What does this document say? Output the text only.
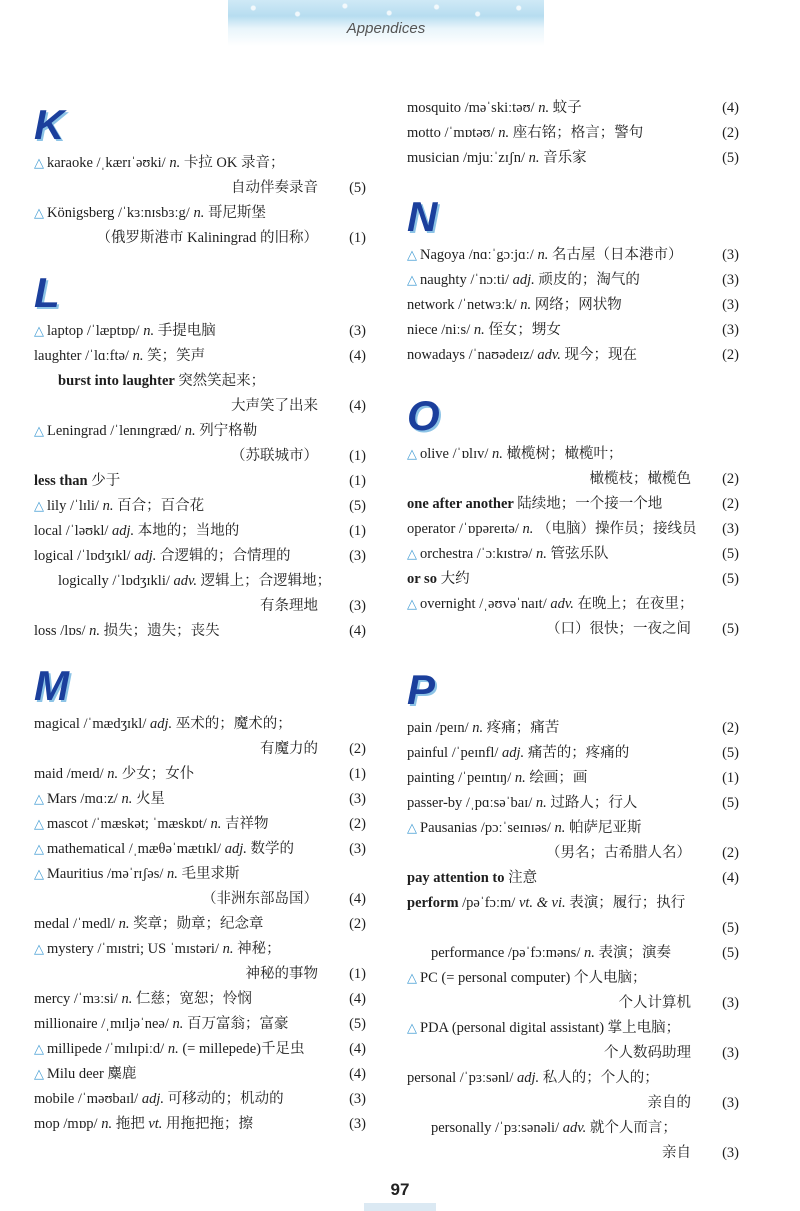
Appendices
K
△ karaoke /ˌkærɪˈəʊki/ n. 卡拉 OK 录音；
自动伴奏录音 (5)
△ Königsberg /ˈkɜːnɪsbɜːg/ n. 哥尼斯堡
（俄罗斯港市 Kaliningrad 的旧称） (1)
L
△ laptop /ˈlæptɒp/ n. 手提电脑	(3)
laughter /ˈlɑːftə/ n. 笑；笑声	(4)
burst into laughter 突然笑起来；
大声笑了出来 (4)
△ Leningrad /ˈlenɪngræd/ n. 列宁格勒
（苏联城市） (1)
less than 少于	(1)
△ lily /ˈlɪli/ n. 百合；百合花	(5)
local /ˈləʊkl/ adj. 本地的；当地的	(1)
logical /ˈlɒdʒɪkl/ adj. 合逻辑的；合情理的	(3)
logically /ˈlɒdʒɪkli/ adv. 逻辑上；合逻辑地；
有条理地 (3)
loss /lɒs/ n. 损失；遗失；丧失	(4)
M
magical /ˈmædʒɪkl/ adj. 巫术的；魔术的；
有魔力的 (2)
maid /meɪd/ n. 少女；女仆	(1)
△ Mars /mɑːz/ n. 火星	(3)
△ mascot /ˈmæskət; ˈmæskɒt/ n. 吉祥物	(2)
△ mathematical /ˌmæθəˈmætɪkl/ adj. 数学的	(3)
△ Mauritius /məˈrɪʃəs/ n. 毛里求斯
（非洲东部岛国） (4)
medal /ˈmedl/ n. 奖章；勋章；纪念章	(2)
△ mystery /ˈmɪstri; US ˈmɪstəri/ n. 神秘；
神秘的事物 (1)
mercy /ˈmɜːsi/ n. 仁慈；宽恕；怜悯	(4)
millionaire /ˌmɪljəˈneə/ n. 百万富翁；富豪	(5)
△ millipede /ˈmɪlɪpiːd/ n. (= millepede)千足虫	(4)
△ Milu deer 麋鹿	(4)
mobile /ˈməʊbaɪl/ adj. 可移动的；机动的	(3)
mop /mɒp/ n. 拖把 vt. 用拖把拖；擦	(3)
mosquito /məˈskiːtəʊ/ n. 蚊子	(4)
motto /ˈmɒtəʊ/ n. 座右铭；格言；警句	(2)
musician /mjuːˈzɪʃn/ n. 音乐家	(5)
N
△ Nagoya /nɑːˈgɔːjɑː/ n. 名古屋（日本港市）	(3)
△ naughty /ˈnɔːti/ adj. 顽皮的；淘气的	(3)
network /ˈnetwɜːk/ n. 网络；网状物	(3)
niece /niːs/ n. 侄女；甥女	(3)
nowadays /ˈnaʊədeɪz/ adv. 现今；现在	(2)
O
△ olive /ˈɒlɪv/ n. 橄榄树；橄榄叶；
橄榄枝；橄榄色 (2)
one after another 陆续地；一个接一个地	(2)
operator /ˈɒpəreɪtə/ n. （电脑）操作员；接线员 (3)
△ orchestra /ˈɔːkɪstrə/ n. 管弦乐队	(5)
or so 大约	(5)
△ overnight /ˌəʊvəˈnaɪt/ adv. 在晚上；在夜里；
（口）很快；一夜之间 (5)
P
pain /peɪn/ n. 疼痛；痛苦	(2)
painful /ˈpeɪnfl/ adj. 痛苦的；疼痛的	(5)
painting /ˈpeɪntɪŋ/ n. 绘画；画	(1)
passer-by /ˌpɑːsəˈbaɪ/ n. 过路人；行人	(5)
△ Pausanias /pɔːˈseɪnɪəs/ n. 帕萨尼亚斯
（男名；古希腊人名） (2)
pay attention to 注意	(4)
perform /pəˈfɔːm/ vt. & vi. 表演；履行；执行
(5)
performance /pəˈfɔːməns/ n. 表演；演奏	(5)
△ PC (= personal computer) 个人电脑；
个人计算机 (3)
△ PDA (personal digital assistant) 掌上电脑；
个人数码助理 (3)
personal /ˈpɜːsənl/ adj. 私人的；个人的；
亲自的 (3)
personally /ˈpɜːsənəli/ adv. 就个人而言；
亲自 (3)
97
